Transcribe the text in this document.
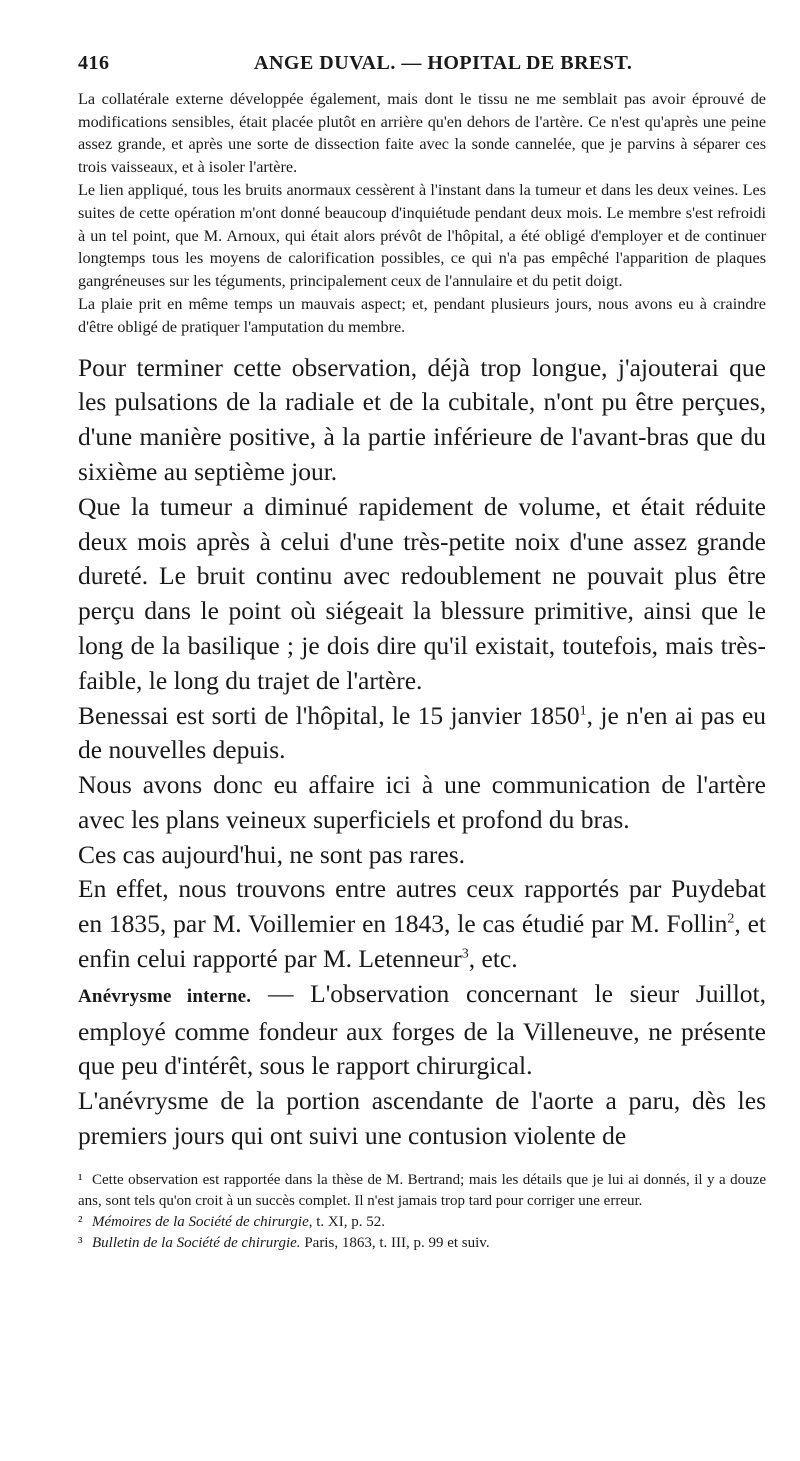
416	ANGE DUVAL. — HOPITAL DE BREST.

La collatérale externe développée également, mais dont le tissu ne me semblait pas avoir éprouvé de modifications sensibles, était placée plutôt en arrière qu'en dehors de l'artère. Ce n'est qu'après une peine assez grande, et après une sorte de dissection faite avec la sonde cannelée, que je parvins à séparer ces trois vaisseaux, et à isoler l'artère.

Le lien appliqué, tous les bruits anormaux cessèrent à l'instant dans la tumeur et dans les deux veines. Les suites de cette opération m'ont donné beaucoup d'inquiétude pendant deux mois. Le membre s'est refroidi à un tel point, que M. Arnoux, qui était alors prévôt de l'hôpital, a été obligé d'employer et de continuer longtemps tous les moyens de calorification possibles, ce qui n'a pas empêché l'apparition de plaques gangréneuses sur les téguments, principalement ceux de l'annulaire et du petit doigt.

La plaie prit en même temps un mauvais aspect; et, pendant plusieurs jours, nous avons eu à craindre d'être obligé de pratiquer l'amputation du membre.

Pour terminer cette observation, déjà trop longue, j'ajouterai que les pulsations de la radiale et de la cubitale, n'ont pu être perçues, d'une manière positive, à la partie inférieure de l'avant-bras que du sixième au septième jour.

Que la tumeur a diminué rapidement de volume, et était réduite deux mois après à celui d'une très-petite noix d'une assez grande dureté. Le bruit continu avec redoublement ne pouvait plus être perçu dans le point où siégeait la blessure primitive, ainsi que le long de la basilique ; je dois dire qu'il existait, toutefois, mais très-faible, le long du trajet de l'artère.

Benessai est sorti de l'hôpital, le 15 janvier 1850$^1$, je n'en ai pas eu de nouvelles depuis.

Nous avons donc eu affaire ici à une communication de l'artère avec les plans veineux superficiels et profond du bras.

Ces cas aujourd'hui, ne sont pas rares.

En effet, nous trouvons entre autres ceux rapportés par Puydebat en 1835, par M. Voillemier en 1843, le cas étudié par M. Follin$^2$, et enfin celui rapporté par M. Letenneur$^3$, etc.

Anévrysme interne. — L'observation concernant le sieur Juillot, employé comme fondeur aux forges de la Villeneuve, ne présente que peu d'intérêt, sous le rapport chirurgical.

L'anévrysme de la portion ascendante de l'aorte a paru, dès les premiers jours qui ont suivi une contusion violente de

¹ Cette observation est rapportée dans la thèse de M. Bertrand; mais les détails que je lui ai donnés, il y a douze ans, sont tels qu'on croit à un succès complet. Il n'est jamais trop tard pour corriger une erreur.

² Mémoires de la Société de chirurgie, t. XI, p. 52.

³ Bulletin de la Société de chirurgie. Paris, 1863, t. III, p. 99 et suiv.
